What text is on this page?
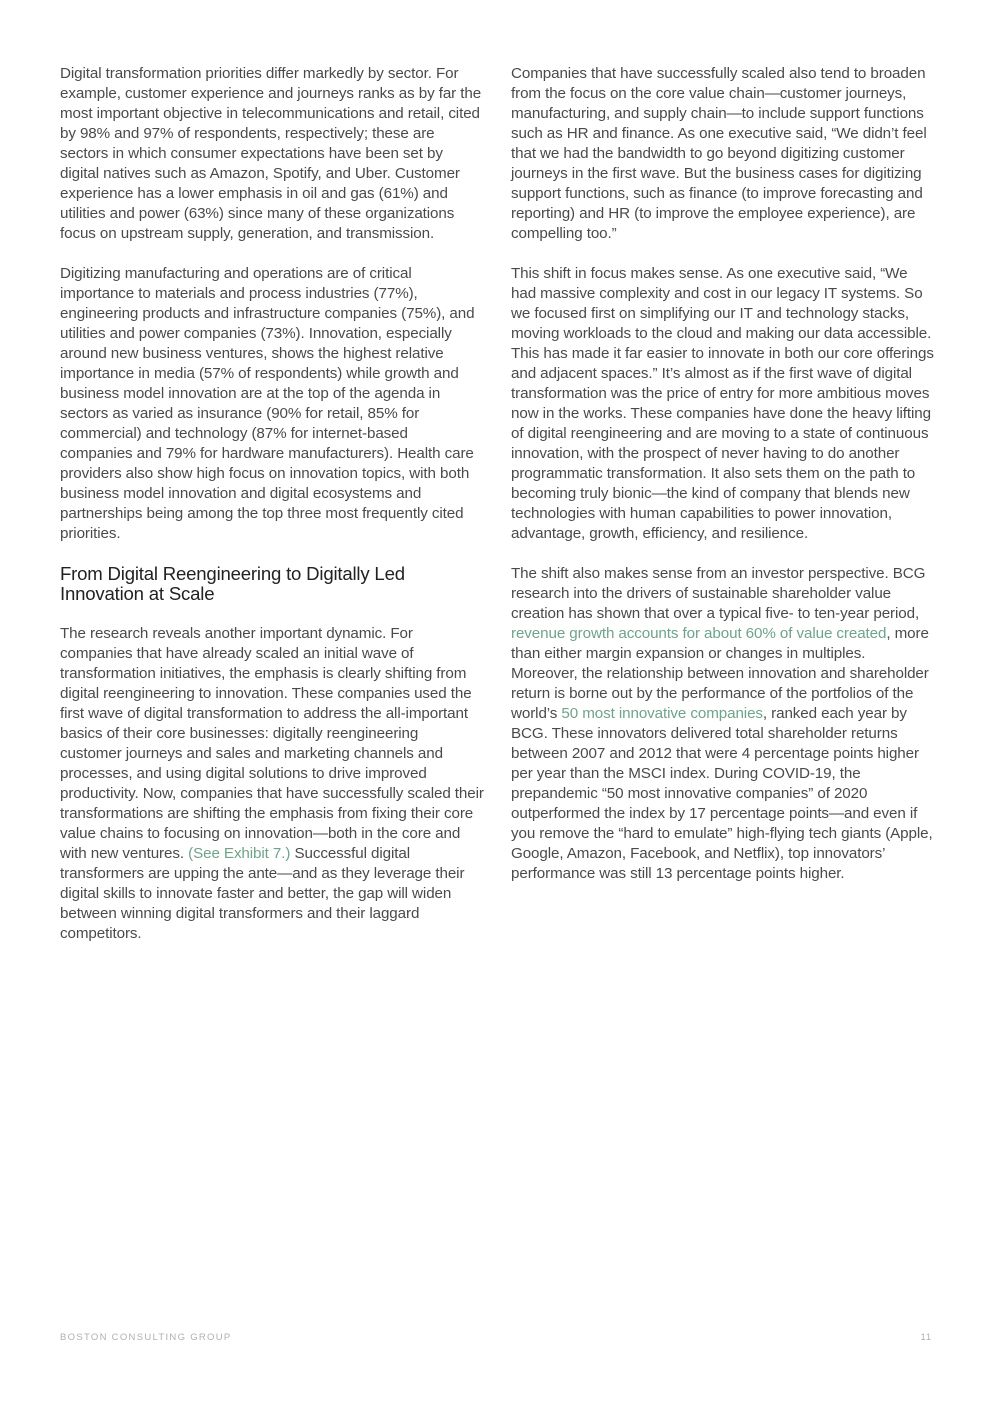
Digital transformation priorities differ markedly by sector. For example, customer experience and journeys ranks as by far the most important objective in telecommunications and retail, cited by 98% and 97% of respondents, respectively; these are sectors in which consumer expectations have been set by digital natives such as Amazon, Spotify, and Uber. Customer experience has a lower emphasis in oil and gas (61%) and utilities and power (63%) since many of these organizations focus on upstream supply, generation, and transmission.

Digitizing manufacturing and operations are of critical importance to materials and process industries (77%), engineering products and infrastructure companies (75%), and utilities and power companies (73%). Innovation, especially around new business ventures, shows the highest relative importance in media (57% of respondents) while growth and business model innovation are at the top of the agenda in sectors as varied as insurance (90% for retail, 85% for commercial) and technology (87% for internet-based companies and 79% for hardware manufacturers). Health care providers also show high focus on innovation topics, with both business model innovation and digital ecosystems and partnerships being among the top three most frequently cited priorities.

From Digital Reengineering to Digitally Led Innovation at Scale

The research reveals another important dynamic. For companies that have already scaled an initial wave of transformation initiatives, the emphasis is clearly shifting from digital reengineering to innovation. These companies used the first wave of digital transformation to address the all-important basics of their core businesses: digitally reengineering customer journeys and sales and marketing channels and processes, and using digital solutions to drive improved productivity. Now, companies that have successfully scaled their transformations are shifting the emphasis from fixing their core value chains to focusing on innovation—both in the core and with new ventures. (See Exhibit 7.) Successful digital transformers are upping the ante—and as they leverage their digital skills to innovate faster and better, the gap will widen between winning digital transformers and their laggard competitors.

Companies that have successfully scaled also tend to broaden from the focus on the core value chain—customer journeys, manufacturing, and supply chain—to include support functions such as HR and finance. As one executive said, “We didn’t feel that we had the bandwidth to go beyond digitizing customer journeys in the first wave. But the business cases for digitizing support functions, such as finance (to improve forecasting and reporting) and HR (to improve the employee experience), are compelling too.”

This shift in focus makes sense. As one executive said, “We had massive complexity and cost in our legacy IT systems. So we focused first on simplifying our IT and technology stacks, moving workloads to the cloud and making our data accessible. This has made it far easier to innovate in both our core offerings and adjacent spaces.” It’s almost as if the first wave of digital transformation was the price of entry for more ambitious moves now in the works. These companies have done the heavy lifting of digital reengineering and are moving to a state of continuous innovation, with the prospect of never having to do another programmatic transformation. It also sets them on the path to becoming truly bionic—the kind of company that blends new technologies with human capabilities to power innovation, advantage, growth, efficiency, and resilience.

The shift also makes sense from an investor perspective. BCG research into the drivers of sustainable shareholder value creation has shown that over a typical five- to ten-year period, revenue growth accounts for about 60% of value created, more than either margin expansion or changes in multiples. Moreover, the relationship between innovation and shareholder return is borne out by the performance of the portfolios of the world’s 50 most innovative companies, ranked each year by BCG. These innovators delivered total shareholder returns between 2007 and 2012 that were 4 percentage points higher per year than the MSCI index. During COVID-19, the prepandemic “50 most innovative companies” of 2020 outperformed the index by 17 percentage points—and even if you remove the “hard to emulate” high-flying tech giants (Apple, Google, Amazon, Facebook, and Netflix), top innovators’ performance was still 13 percentage points higher.

BOSTON CONSULTING GROUP	11
